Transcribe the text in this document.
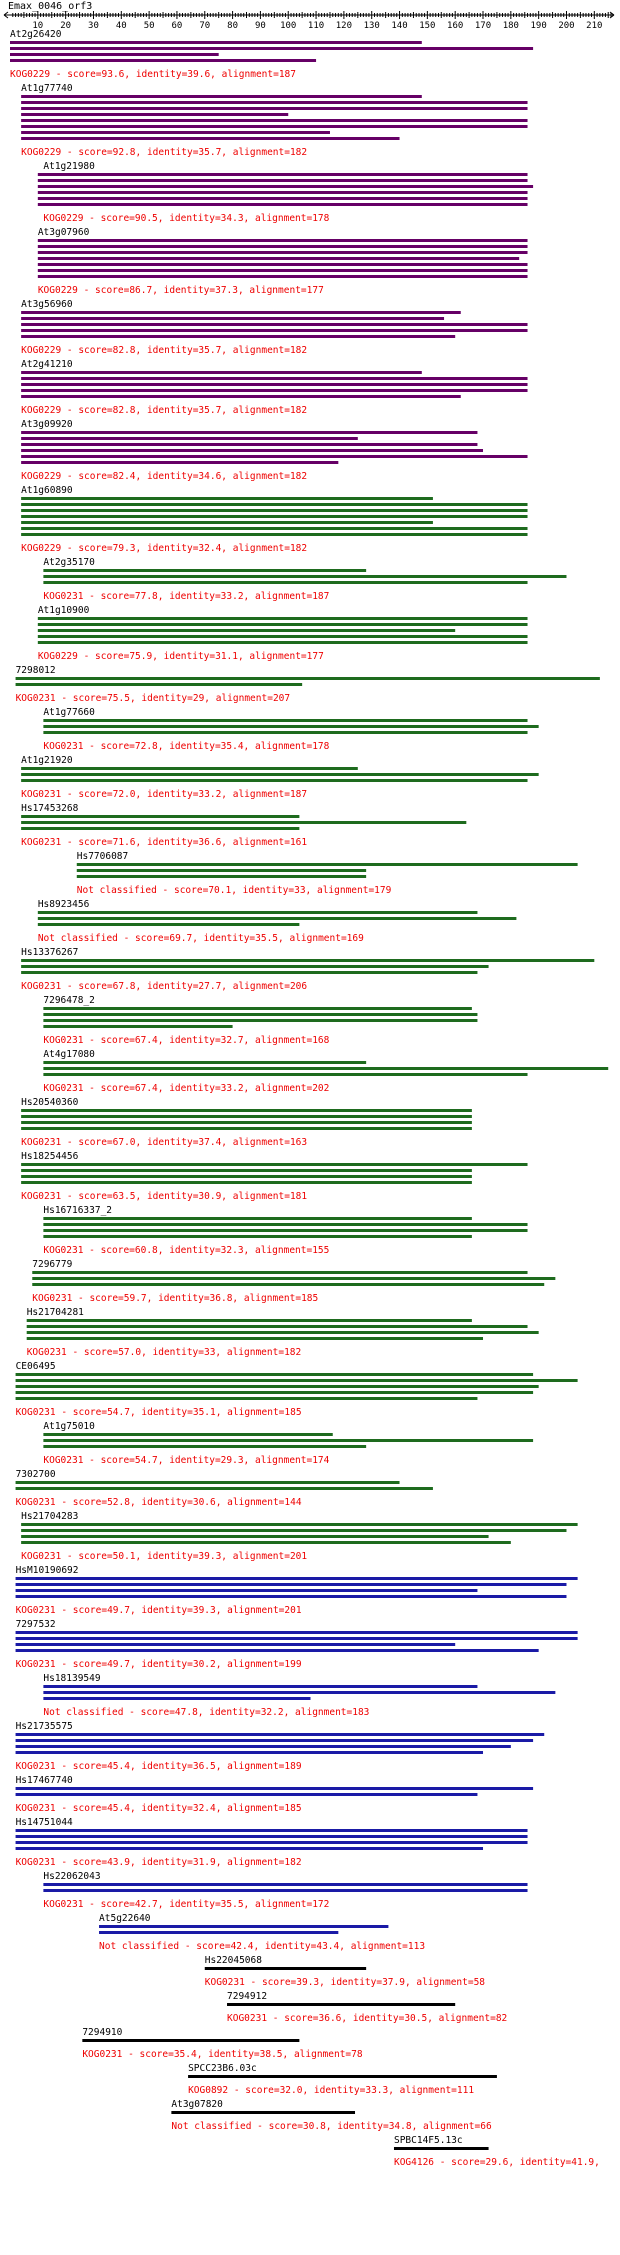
Emax_0046_orf3
10 20 30 40 50 60 70 80 90 100 110 120 130 140 150 160 170 180 190 200 210
At2g26420
KOG0229 - score=93.6, identity=39.6, alignment=187
At1g77740
KOG0229 - score=92.8, identity=35.7, alignment=182
At1g21980
KOG0229 - score=90.5, identity=34.3, alignment=178
At3g07960
KOG0229 - score=86.7, identity=37.3, alignment=177
At3g56960
KOG0229 - score=82.8, identity=35.7, alignment=182
At2g41210
KOG0229 - score=82.8, identity=35.7, alignment=182
At3g09920
KOG0229 - score=82.4, identity=34.6, alignment=182
At1g60890
KOG0229 - score=79.3, identity=32.4, alignment=182
At2g35170
KOG0231 - score=77.8, identity=33.2, alignment=187
At1g10900
KOG0229 - score=75.9, identity=31.1, alignment=177
7298012
KOG0231 - score=75.5, identity=29, alignment=207
At1g77660
KOG0231 - score=72.8, identity=35.4, alignment=178
At1g21920
KOG0231 - score=72.0, identity=33.2, alignment=187
Hs17453268
KOG0231 - score=71.6, identity=36.6, alignment=161
Hs7706087
Not classified - score=70.1, identity=33, alignment=179
Hs8923456
Not classified - score=69.7, identity=35.5, alignment=169
Hs13376267
KOG0231 - score=67.8, identity=27.7, alignment=206
7296478_2
KOG0231 - score=67.4, identity=32.7, alignment=168
At4g17080
KOG0231 - score=67.4, identity=33.2, alignment=202
Hs20540360
KOG0231 - score=67.0, identity=37.4, alignment=163
Hs18254456
KOG0231 - score=63.5, identity=30.9, alignment=181
Hs16716337_2
KOG0231 - score=60.8, identity=32.3, alignment=155
7296779
KOG0231 - score=59.7, identity=36.8, alignment=185
Hs21704281
KOG0231 - score=57.0, identity=33, alignment=182
CE06495
KOG0231 - score=54.7, identity=35.1, alignment=185
At1g75010
KOG0231 - score=54.7, identity=29.3, alignment=174
7302700
KOG0231 - score=52.8, identity=30.6, alignment=144
Hs21704283
KOG0231 - score=50.1, identity=39.3, alignment=201
HsM10190692
KOG0231 - score=49.7, identity=39.3, alignment=201
7297532
KOG0231 - score=49.7, identity=30.2, alignment=199
Hs18139549
Not classified - score=47.8, identity=32.2, alignment=183
Hs21735575
KOG0231 - score=45.4, identity=36.5, alignment=189
Hs17467740
KOG0231 - score=45.4, identity=32.4, alignment=185
Hs14751044
KOG0231 - score=43.9, identity=31.9, alignment=182
Hs22062043
KOG0231 - score=42.7, identity=35.5, alignment=172
At5g22640
Not classified - score=42.4, identity=43.4, alignment=113
Hs22045068
KOG0231 - score=39.3, identity=37.9, alignment=58
7294912
KOG0231 - score=36.6, identity=30.5, alignment=82
7294910
KOG0231 - score=35.4, identity=38.5, alignment=78
SPCC23B6.03c
KOG0892 - score=32.0, identity=33.3, alignment=111
At3g07820
Not classified - score=30.8, identity=34.8, alignment=66
SPBC14F5.13c
KOG4126 - score=29.6, identity=41.9,
